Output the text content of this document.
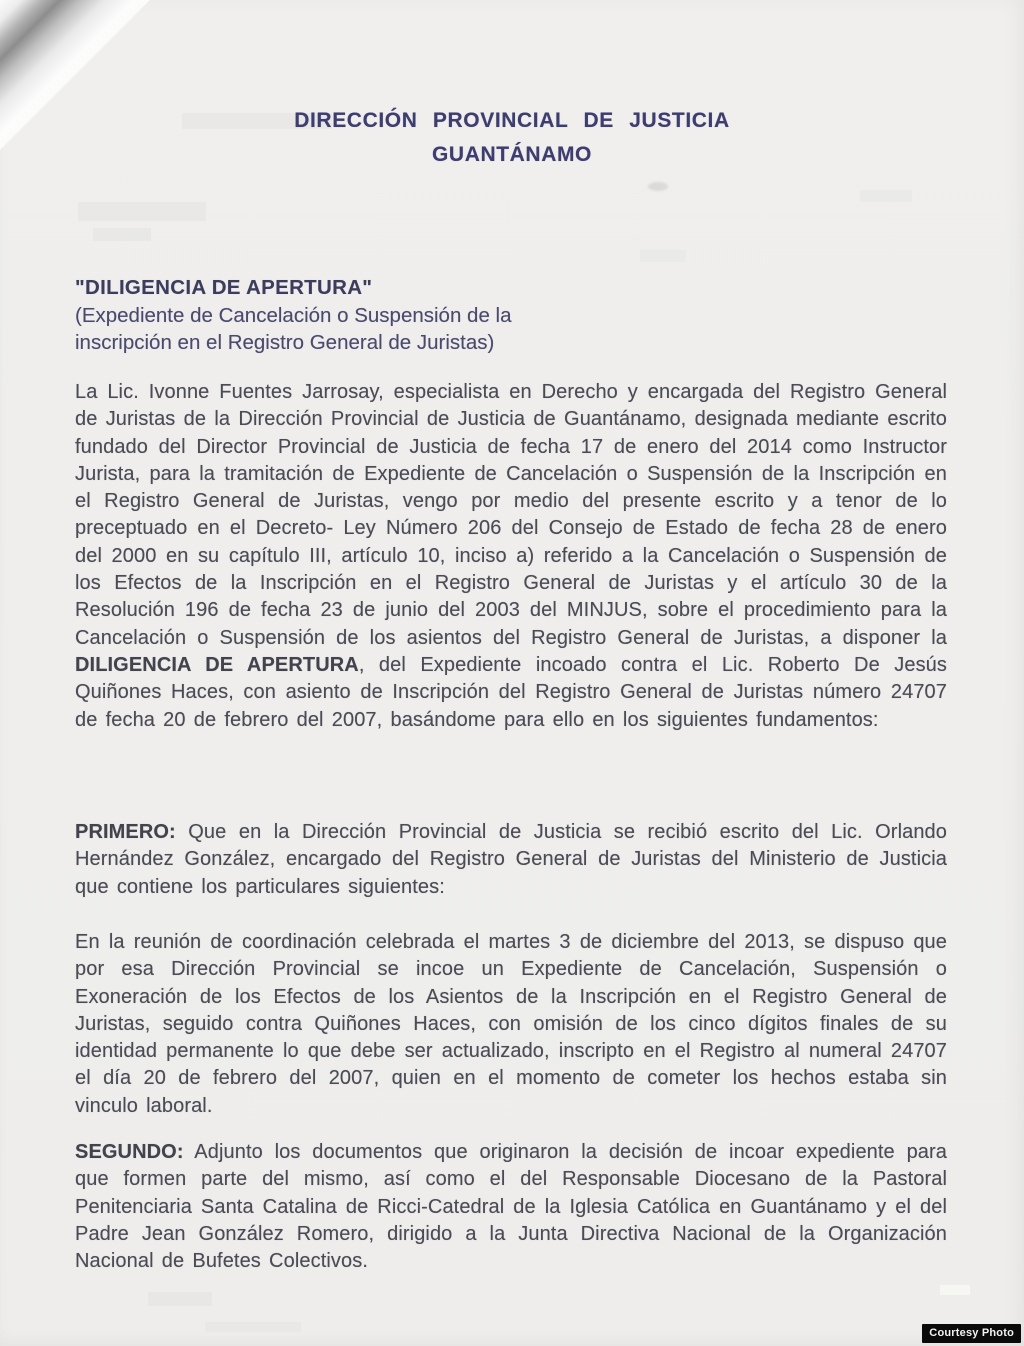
DIRECCIÓN PROVINCIAL DE JUSTICIA
GUANTÁNAMO
"DILIGENCIA DE APERTURA"
(Expediente de Cancelación o Suspensión de la
inscripción en el Registro General de Juristas)

La Lic. Ivonne Fuentes Jarrosay, especialista en Derecho y encargada del Registro General de Juristas de la Dirección Provincial de Justicia de Guantánamo, designada mediante escrito fundado del Director Provincial de Justicia de fecha 17 de enero del 2014 como Instructor Jurista, para la tramitación de Expediente de Cancelación o Suspensión de la Inscripción en el Registro General de Juristas, vengo por medio del presente escrito y a tenor de lo preceptuado en el Decreto- Ley Número 206 del Consejo de Estado de fecha 28 de enero del 2000 en su capítulo III, artículo 10, inciso a) referido a la Cancelación o Suspensión de los Efectos de la Inscripción en el Registro General de Juristas y el artículo 30 de la Resolución 196 de fecha 23 de junio del 2003 del MINJUS, sobre el procedimiento para la Cancelación o Suspensión de los asientos del Registro General de Juristas, a disponer la DILIGENCIA DE APERTURA, del Expediente incoado contra el Lic. Roberto De Jesús Quiñones Haces, con asiento de Inscripción del Registro General de Juristas número 24707 de fecha 20 de febrero del 2007, basándome para ello en los siguientes fundamentos:

PRIMERO: Que en la Dirección Provincial de Justicia se recibió escrito del Lic. Orlando Hernández González, encargado del Registro General de Juristas del Ministerio de Justicia que contiene los particulares siguientes:

En la reunión de coordinación celebrada el martes 3 de diciembre del 2013, se dispuso que por esa Dirección Provincial se incoe un Expediente de Cancelación, Suspensión o Exoneración de los Efectos de los Asientos de la Inscripción en el Registro General de Juristas, seguido contra Quiñones Haces, con omisión de los cinco dígitos finales de su identidad permanente lo que debe ser actualizado, inscripto en el Registro al numeral 24707 el día 20 de febrero del 2007, quien en el momento de cometer los hechos estaba sin vinculo laboral.

SEGUNDO: Adjunto los documentos que originaron la decisión de incoar expediente para que formen parte del mismo, así como el del Responsable Diocesano de la Pastoral Penitenciaria Santa Catalina de Ricci-Catedral de la Iglesia Católica en Guantánamo y el del Padre Jean González Romero, dirigido a la Junta Directiva Nacional de la Organización Nacional de Bufetes Colectivos.

Courtesy Photo
